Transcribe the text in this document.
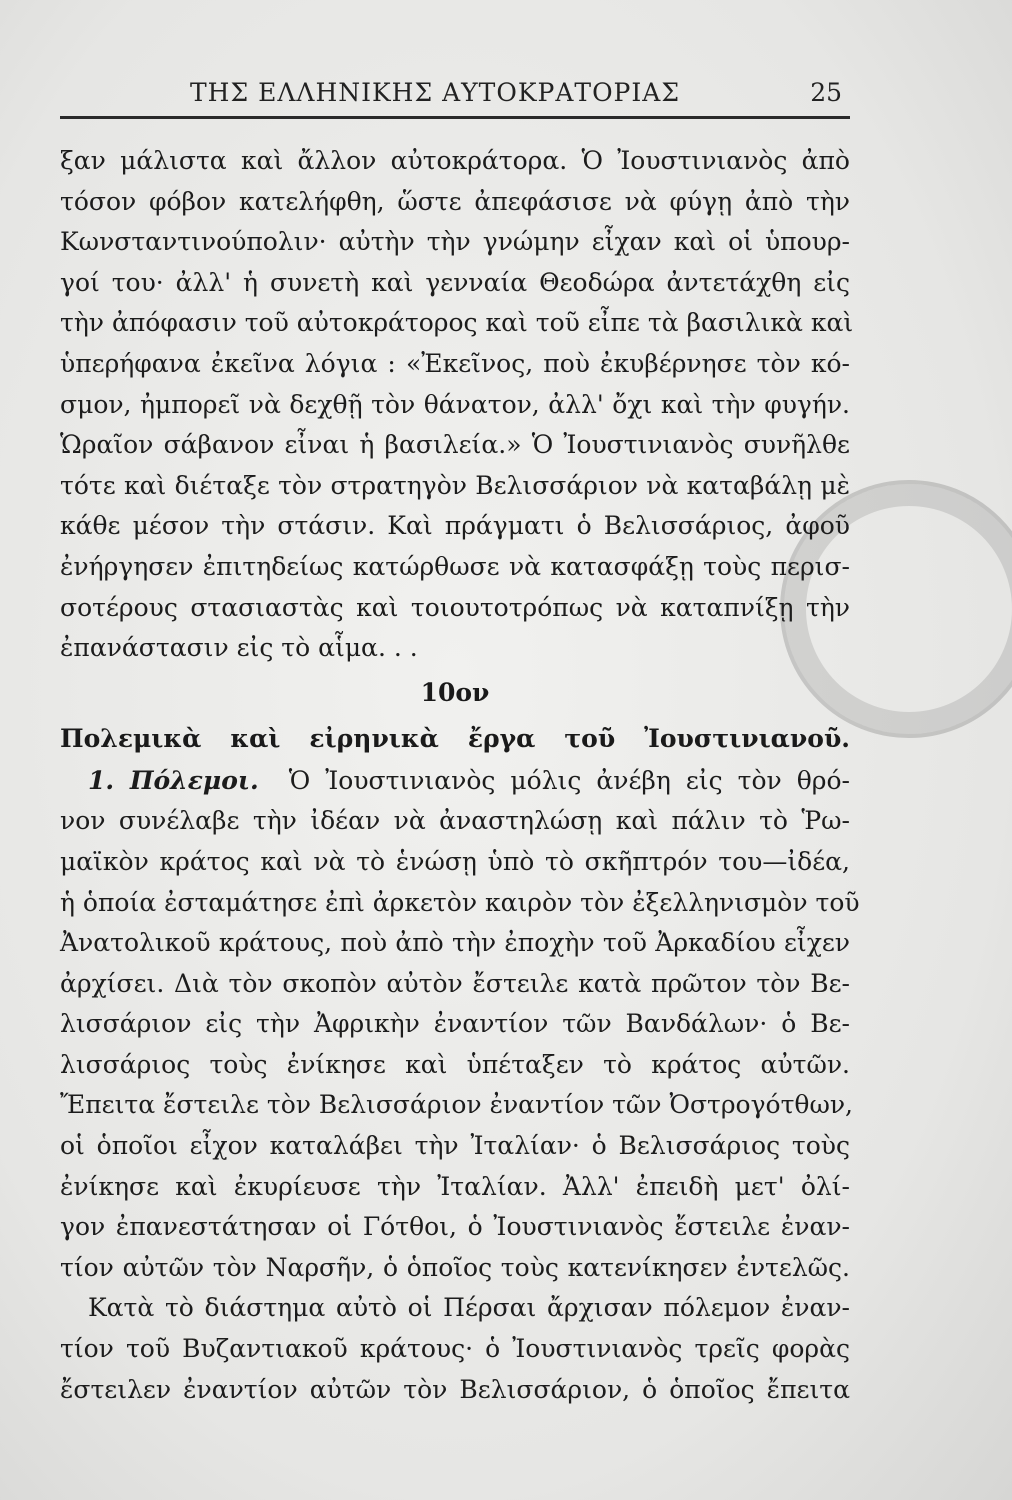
ΤΗΣ ΕΛΛΗΝΙΚΗΣ ΑΥΤΟΚΡΑΤΟΡΙΑΣ	25
ξαν μάλιστα καὶ ἄλλον αὐτοκράτορα. Ὁ Ἰουστινιανὸς ἀπὸ
τόσον φόβον κατελήφθη, ὥστε ἀπεφάσισε νὰ φύγῃ ἀπὸ τὴν
Κωνσταντινούπολιν· αὐτὴν τὴν γνώμην εἶχαν καὶ οἱ ὑπουρ-
γοί του· ἀλλ' ἡ συνετὴ καὶ γενναία Θεοδώρα ἀντετάχθη εἰς
τὴν ἀπόφασιν τοῦ αὐτοκράτορος καὶ τοῦ εἶπε τὰ βασιλικὰ καὶ
ὑπερήφανα ἐκεῖνα λόγια : «Ἐκεῖνος, ποὺ ἐκυβέρνησε τὸν κό-
σμον, ἠμπορεῖ νὰ δεχθῇ τὸν θάνατον, ἀλλ' ὄχι καὶ τὴν φυγήν.
Ὡραῖον σάβανον εἶναι ἡ βασιλεία.» Ὁ Ἰουστινιανὸς συνῆλθε
τότε καὶ διέταξε τὸν στρατηγὸν Βελισσάριον νὰ καταβάλῃ μὲ
κάθε μέσον τὴν στάσιν. Καὶ πράγματι ὁ Βελισσάριος, ἀφοῦ
ἐνήργησεν ἐπιτηδείως κατώρθωσε νὰ κατασφάξῃ τοὺς περισ-
σοτέρους στασιαστὰς καὶ τοιουτοτρόπως νὰ καταπνίξῃ τὴν
ἐπανάστασιν εἰς τὸ αἷμα. . .
10ον
Πολεμικὰ καὶ εἰρηνικὰ ἔργα τοῦ Ἰουστινιανοῦ.
1. Πόλεμοι. Ὁ Ἰουστινιανὸς μόλις ἀνέβη εἰς τὸν θρό-
νον συνέλαβε τὴν ἰδέαν νὰ ἀναστηλώσῃ καὶ πάλιν τὸ Ῥω-
μαϊκὸν κράτος καὶ νὰ τὸ ἑνώσῃ ὑπὸ τὸ σκῆπτρόν του—ἰδέα,
ἡ ὁποία ἐσταμάτησε ἐπὶ ἀρκετὸν καιρὸν τὸν ἐξελληνισμὸν τοῦ
Ἀνατολικοῦ κράτους, ποὺ ἀπὸ τὴν ἐποχὴν τοῦ Ἀρκαδίου εἶχεν
ἀρχίσει. Διὰ τὸν σκοπὸν αὐτὸν ἔστειλε κατὰ πρῶτον τὸν Βε-
λισσάριον εἰς τὴν Ἀφρικὴν ἐναντίον τῶν Βανδάλων· ὁ Βε-
λισσάριος τοὺς ἐνίκησε καὶ ὑπέταξεν τὸ κράτος αὐτῶν.
Ἔπειτα ἔστειλε τὸν Βελισσάριον ἐναντίον τῶν Ὀστρογότθων,
οἱ ὁποῖοι εἶχον καταλάβει τὴν Ἰταλίαν· ὁ Βελισσάριος τοὺς
ἐνίκησε καὶ ἐκυρίευσε τὴν Ἰταλίαν. Ἀλλ' ἐπειδὴ μετ' ὀλί-
γον ἐπανεστάτησαν οἱ Γότθοι, ὁ Ἰουστινιανὸς ἔστειλε ἐναν-
τίον αὐτῶν τὸν Ναρσῆν, ὁ ὁποῖος τοὺς κατενίκησεν ἐντελῶς.
Κατὰ τὸ διάστημα αὐτὸ οἱ Πέρσαι ἄρχισαν πόλεμον ἐναν-
τίον τοῦ Βυζαντιακοῦ κράτους· ὁ Ἰουστινιανὸς τρεῖς φορὰς
ἔστειλεν ἐναντίον αὐτῶν τὸν Βελισσάριον, ὁ ὁποῖος ἔπειτα
